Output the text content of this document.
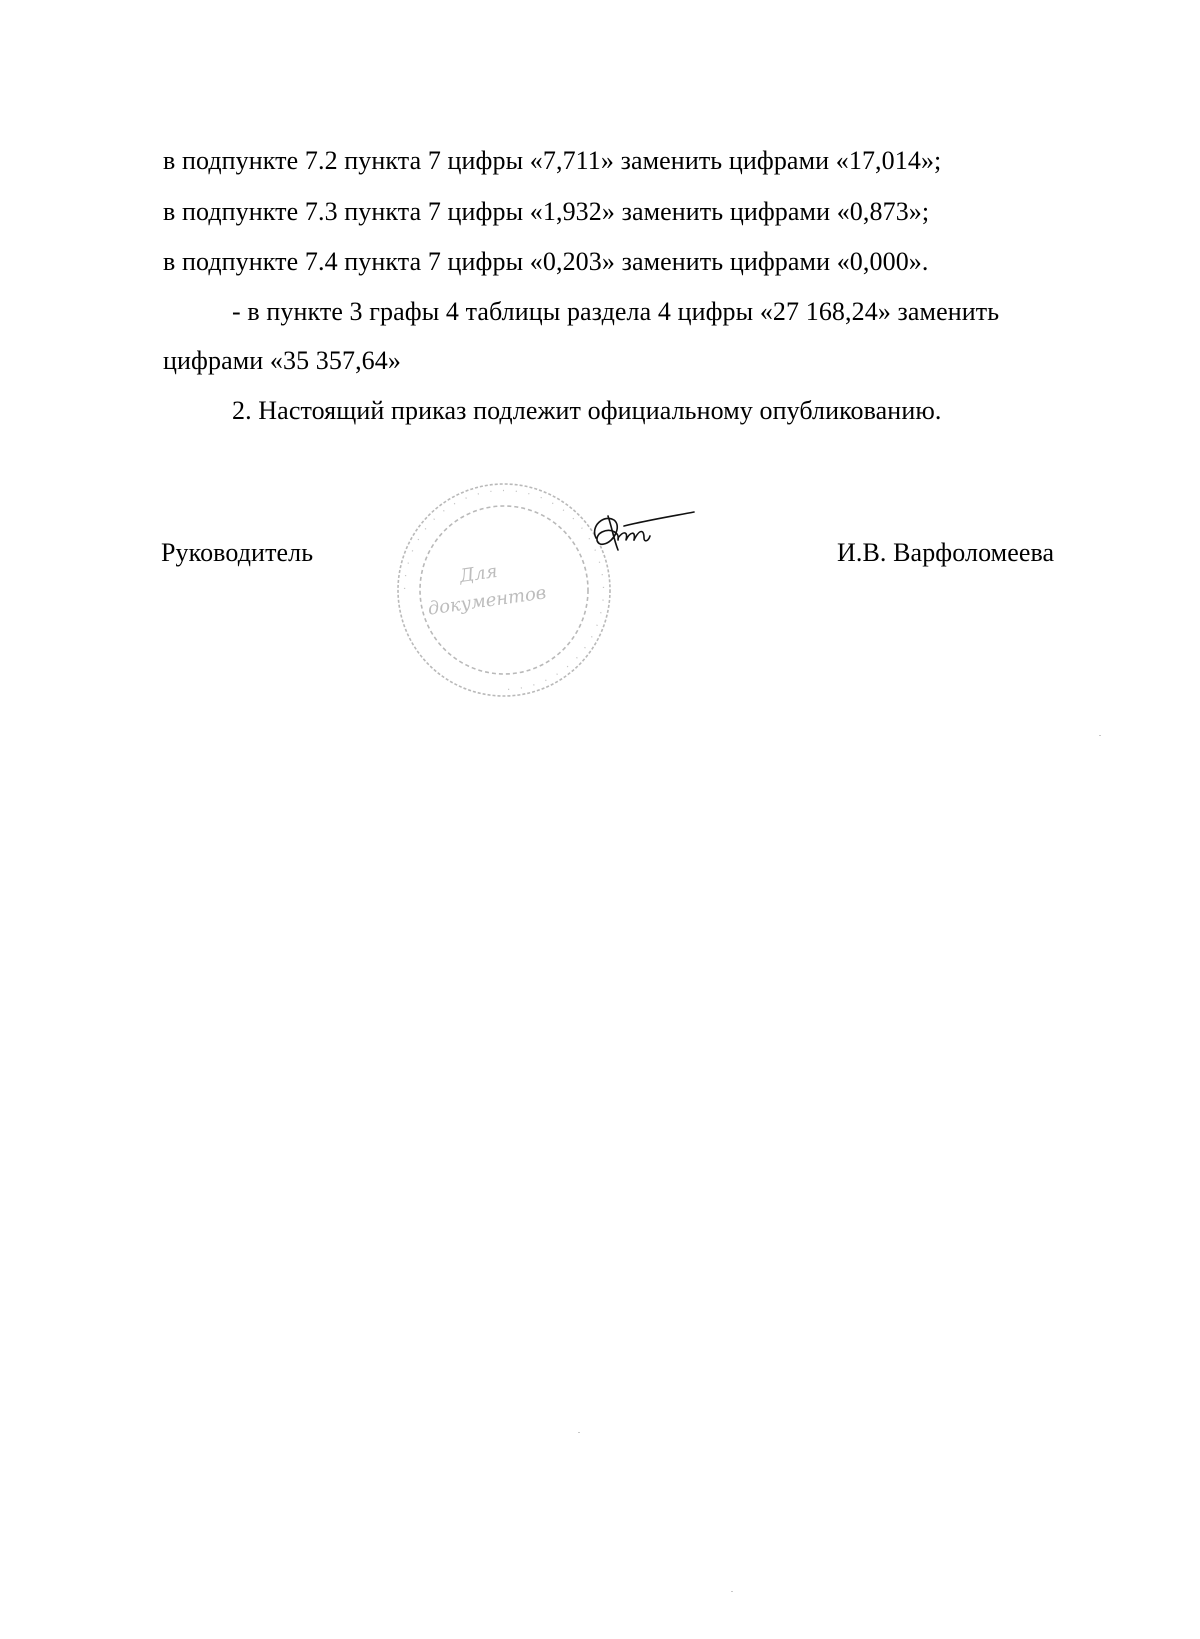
в подпункте 7.2 пункта 7 цифры «7,711» заменить цифрами «17,014»;
в подпункте 7.3 пункта 7 цифры «1,932» заменить цифрами «0,873»;
в подпункте 7.4 пункта 7 цифры «0,203» заменить цифрами «0,000».
- в пункте 3 графы 4 таблицы раздела 4 цифры «27 168,24» заменить
цифрами «35 357,64»
2. Настоящий приказ подлежит официальному опубликованию.
Руководитель	И.В. Варфоломеева
· · · · · · · · · · · · · · · · · · · · · · · · · · · · · · · · · · · · ·
Для
документов
